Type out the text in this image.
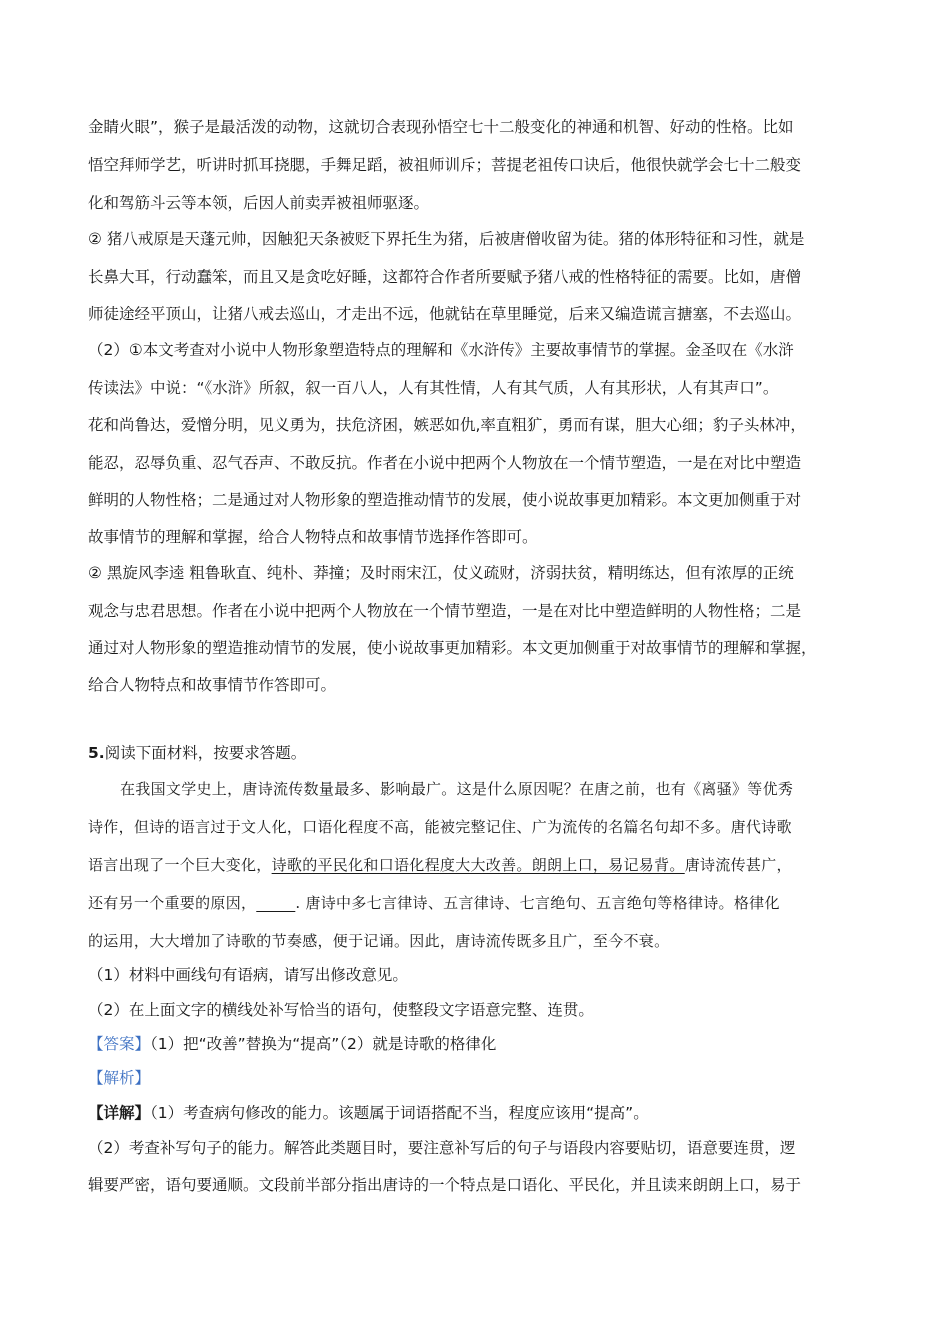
金睛火眼”，猴子是最活泼的动物，这就切合表现孙悟空七十二般变化的神通和机智、好动的性格。比如
悟空拜师学艺，听讲时抓耳挠腮，手舞足蹈，被祖师训斥；菩提老祖传口诀后，他很快就学会七十二般变
化和驾筋斗云等本领，后因人前卖弄被祖师驱逐。
② 猪八戒原是天蓬元帅，因触犯天条被贬下界托生为猪，后被唐僧收留为徒。猪的体形特征和习性，就是
长鼻大耳，行动蠢笨，而且又是贪吃好睡，这都符合作者所要赋予猪八戒的性格特征的需要。比如，唐僧
师徒途经平顶山，让猪八戒去巡山，才走出不远，他就钻在草里睡觉，后来又编造谎言搪塞，不去巡山。
（2）①本文考查对小说中人物形象塑造特点的理解和《水浒传》主要故事情节的掌握。金圣叹在《水浒
传读法》中说：“《水浒》所叙，叙一百八人，人有其性情，人有其气质，人有其形状，人有其声口”。
花和尚鲁达，爱憎分明，见义勇为，扶危济困，嫉恶如仇,率直粗犷，勇而有谋，胆大心细；豹子头林冲，
能忍，忍辱负重、忍气吞声、不敢反抗。作者在小说中把两个人物放在一个情节塑造，一是在对比中塑造
鲜明的人物性格；二是通过对人物形象的塑造推动情节的发展，使小说故事更加精彩。本文更加侧重于对
故事情节的理解和掌握，给合人物特点和故事情节选择作答即可。
② 黑旋风李逵 粗鲁耿直、纯朴、莽撞；及时雨宋江，仗义疏财，济弱扶贫，精明练达，但有浓厚的正统
观念与忠君思想。作者在小说中把两个人物放在一个情节塑造，一是在对比中塑造鲜明的人物性格；二是
通过对人物形象的塑造推动情节的发展，使小说故事更加精彩。本文更加侧重于对故事情节的理解和掌握，
给合人物特点和故事情节作答即可。
5.阅读下面材料，按要求答题。
在我国文学史上，唐诗流传数量最多、影响最广。这是什么原因呢？在唐之前，也有《离骚》等优秀
诗作，但诗的语言过于文人化，口语化程度不高，能被完整记住、广为流传的名篇名句却不多。唐代诗歌
语言出现了一个巨大变化，诗歌的平民化和口语化程度大大改善。朗朗上口，易记易背。唐诗流传甚广，
还有另一个重要的原因，_____. 唐诗中多七言律诗、五言律诗、七言绝句、五言绝句等格律诗。格律化
的运用，大大增加了诗歌的节奏感，便于记诵。因此，唐诗流传既多且广，至今不衰。
（1）材料中画线句有语病，请写出修改意见。
（2）在上面文字的横线处补写恰当的语句，使整段文字语意完整、连贯。
【答案】（1）把“改善”替换为“提高”（2）就是诗歌的格律化
【解析】
【详解】（1）考查病句修改的能力。该题属于词语搭配不当，程度应该用“提高”。
（2）考查补写句子的能力。解答此类题目时，要注意补写后的句子与语段内容要贴切，语意要连贯，逻
辑要严密，语句要通顺。文段前半部分指出唐诗的一个特点是口语化、平民化，并且读来朗朗上口，易于
